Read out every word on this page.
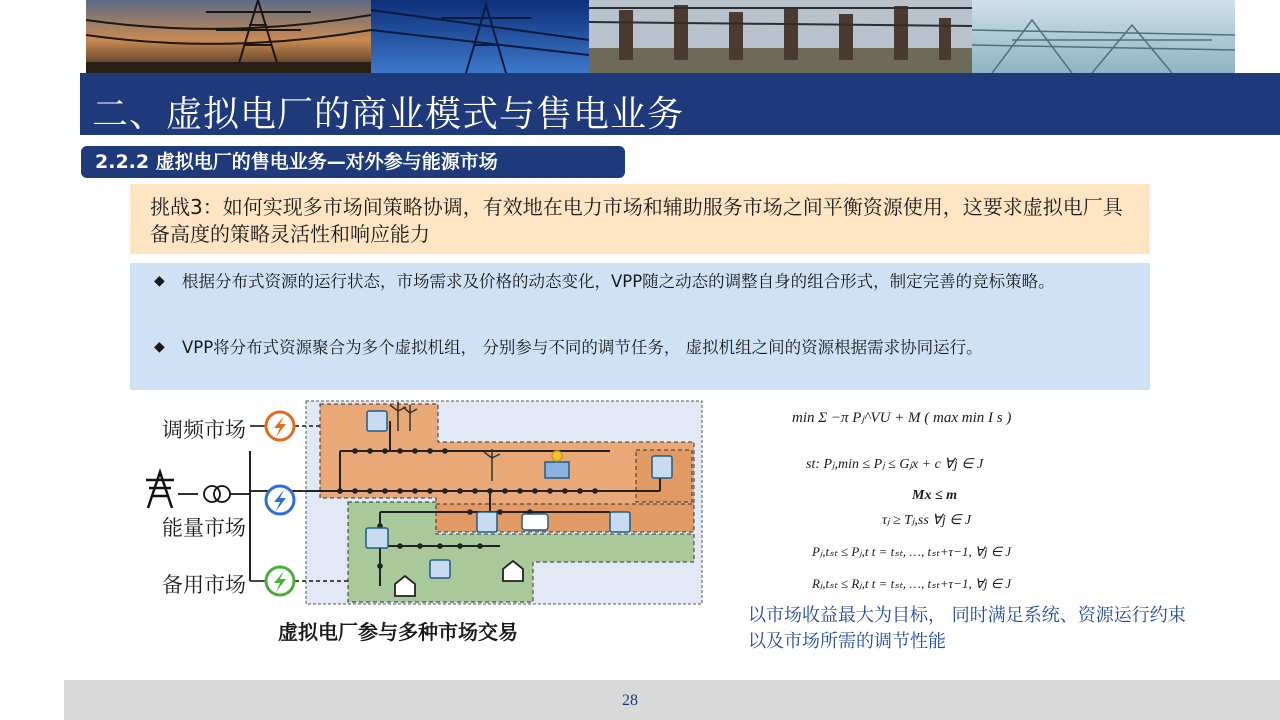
二、虚拟电厂的商业模式与售电业务
2.2.2 虚拟电厂的售电业务—对外参与能源市场

挑战3：如何实现多市场间策略协调，有效地在电力市场和辅助服务市场之间平衡资源使用，这要求虚拟电厂具备高度的策略灵活性和响应能力

◆	根据分布式资源的运行状态，市场需求及价格的动态变化，VPP随之动态的调整自身的组合形式，制定完善的竞标策略。
◆	VPP将分布式资源聚合为多个虚拟机组， 分别参与不同的调节任务， 虚拟机组之间的资源根据需求协同运行。
调频市场
能量市场
备用市场
虚拟电厂参与多种市场交易
min Σ −π Pⱼ^VU + M ( max min I s )
st: Pⱼ,min ≤ Pⱼ ≤ Gⱼx + c ∀j ∈ J
Mx ≤ m
τⱼ ≥ Tⱼ,ss ∀j ∈ J
Pⱼ,tₛₜ ≤ Pⱼ,t t = tₛₜ, …, tₛₜ+τ−1, ∀j ∈ J
Rⱼ,tₛₜ ≤ Rⱼ,t t = tₛₜ, …, tₛₜ+τ−1, ∀j ∈ J
以市场收益最大为目标， 同时满足系统、资源运行约束以及市场所需的调节性能
28
